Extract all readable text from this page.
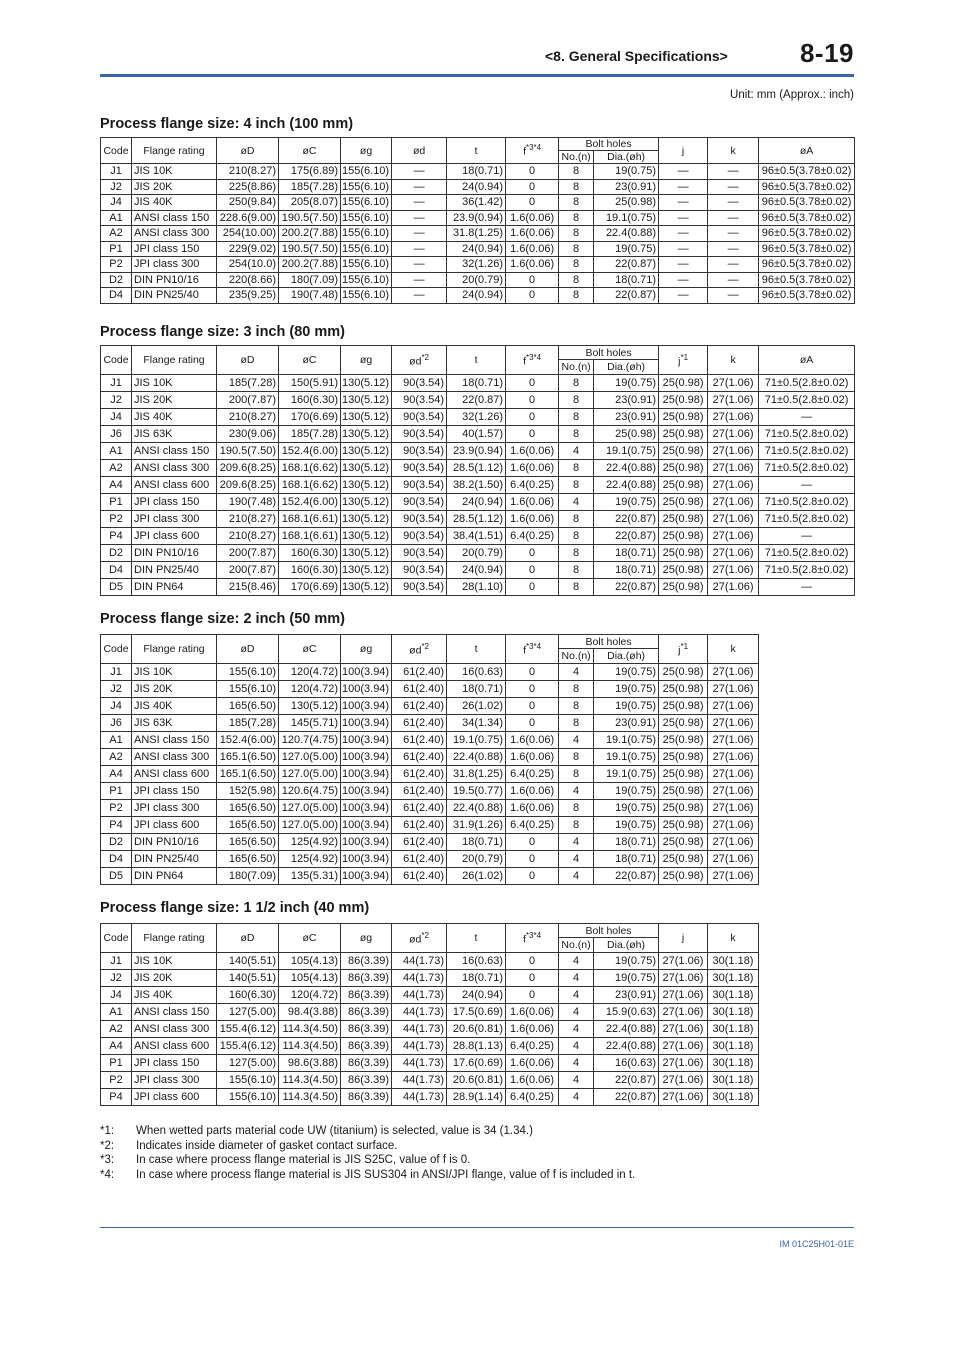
<8. General Specifications>	8-19
Unit: mm (Approx.: inch)
Process flange size: 4 inch (100 mm)
Code	Flange rating	øD	øC	øg	ød	t	$f^{*3*4}$	Bolt holes		j	k	øA
								No.(n)	Dia.(øh)			
J1	JIS 10K	210(8.27)	175(6.89)	155(6.10)	—	18(0.71)	0	8	19(0.75)	—	—	96±0.5(3.78±0.02)
J2	JIS 20K	225(8.86)	185(7.28)	155(6.10)	—	24(0.94)	0	8	23(0.91)	—	—	96±0.5(3.78±0.02)
J4	JIS 40K	250(9.84)	205(8.07)	155(6.10)	—	36(1.42)	0	8	25(0.98)	—	—	96±0.5(3.78±0.02)
A1	ANSI class 150	228.6(9.00)	190.5(7.50)	155(6.10)	—	23.9(0.94)	1.6(0.06)	8	19.1(0.75)	—	—	96±0.5(3.78±0.02)
A2	ANSI class 300	254(10.00)	200.2(7.88)	155(6.10)	—	31.8(1.25)	1.6(0.06)	8	22.4(0.88)	—	—	96±0.5(3.78±0.02)
P1	JPI class 150	229(9.02)	190.5(7.50)	155(6.10)	—	24(0.94)	1.6(0.06)	8	19(0.75)	—	—	96±0.5(3.78±0.02)
P2	JPI class 300	254(10.0)	200.2(7.88)	155(6.10)	—	32(1.26)	1.6(0.06)	8	22(0.87)	—	—	96±0.5(3.78±0.02)
D2	DIN PN10/16	220(8.66)	180(7.09)	155(6.10)	—	20(0.79)	0	8	18(0.71)	—	—	96±0.5(3.78±0.02)
D4	DIN PN25/40	235(9.25)	190(7.48)	155(6.10)	—	24(0.94)	0	8	22(0.87)	—	—	96±0.5(3.78±0.02)
Process flange size: 3 inch (80 mm)
Code	Flange rating	øD	øC	øg	$ød^{*2}$	t	$f^{*3*4}$	Bolt holes		$j^{*1}$	k	øA
								No.(n)	Dia.(øh)			
J1	JIS 10K	185(7.28)	150(5.91)	130(5.12)	90(3.54)	18(0.71)	0	8	19(0.75)	25(0.98)	27(1.06)	71±0.5(2.8±0.02)
J2	JIS 20K	200(7.87)	160(6.30)	130(5.12)	90(3.54)	22(0.87)	0	8	23(0.91)	25(0.98)	27(1.06)	71±0.5(2.8±0.02)
J4	JIS 40K	210(8.27)	170(6.69)	130(5.12)	90(3.54)	32(1.26)	0	8	23(0.91)	25(0.98)	27(1.06)	—
J6	JIS 63K	230(9.06)	185(7.28)	130(5.12)	90(3.54)	40(1.57)	0	8	25(0.98)	25(0.98)	27(1.06)	71±0.5(2.8±0.02)
A1	ANSI class 150	190.5(7.50)	152.4(6.00)	130(5.12)	90(3.54)	23.9(0.94)	1.6(0.06)	4	19.1(0.75)	25(0.98)	27(1.06)	71±0.5(2.8±0.02)
A2	ANSI class 300	209.6(8.25)	168.1(6.62)	130(5.12)	90(3.54)	28.5(1.12)	1.6(0.06)	8	22.4(0.88)	25(0.98)	27(1.06)	71±0.5(2.8±0.02)
A4	ANSI class 600	209.6(8.25)	168.1(6.62)	130(5.12)	90(3.54)	38.2(1.50)	6.4(0.25)	8	22.4(0.88)	25(0.98)	27(1.06)	—
P1	JPI class 150	190(7.48)	152.4(6.00)	130(5.12)	90(3.54)	24(0.94)	1.6(0.06)	4	19(0.75)	25(0.98)	27(1.06)	71±0.5(2.8±0.02)
P2	JPI class 300	210(8.27)	168.1(6.61)	130(5.12)	90(3.54)	28.5(1.12)	1.6(0.06)	8	22(0.87)	25(0.98)	27(1.06)	71±0.5(2.8±0.02)
P4	JPI class 600	210(8.27)	168.1(6.61)	130(5.12)	90(3.54)	38.4(1.51)	6.4(0.25)	8	22(0.87)	25(0.98)	27(1.06)	—
D2	DIN PN10/16	200(7.87)	160(6.30)	130(5.12)	90(3.54)	20(0.79)	0	8	18(0.71)	25(0.98)	27(1.06)	71±0.5(2.8±0.02)
D4	DIN PN25/40	200(7.87)	160(6.30)	130(5.12)	90(3.54)	24(0.94)	0	8	18(0.71)	25(0.98)	27(1.06)	71±0.5(2.8±0.02)
D5	DIN PN64	215(8.46)	170(6.69)	130(5.12)	90(3.54)	28(1.10)	0	8	22(0.87)	25(0.98)	27(1.06)	—
Process flange size: 2 inch (50 mm)
Code	Flange rating	øD	øC	øg	$ød^{*2}$	t	$f^{*3*4}$	Bolt holes		$j^{*1}$	k
								No.(n)	Dia.(øh)		
J1	JIS 10K	155(6.10)	120(4.72)	100(3.94)	61(2.40)	16(0.63)	0	4	19(0.75)	25(0.98)	27(1.06)
J2	JIS 20K	155(6.10)	120(4.72)	100(3.94)	61(2.40)	18(0.71)	0	8	19(0.75)	25(0.98)	27(1.06)
J4	JIS 40K	165(6.50)	130(5.12)	100(3.94)	61(2.40)	26(1.02)	0	8	19(0.75)	25(0.98)	27(1.06)
J6	JIS 63K	185(7.28)	145(5.71)	100(3.94)	61(2.40)	34(1.34)	0	8	23(0.91)	25(0.98)	27(1.06)
A1	ANSI class 150	152.4(6.00)	120.7(4.75)	100(3.94)	61(2.40)	19.1(0.75)	1.6(0.06)	4	19.1(0.75)	25(0.98)	27(1.06)
A2	ANSI class 300	165.1(6.50)	127.0(5.00)	100(3.94)	61(2.40)	22.4(0.88)	1.6(0.06)	8	19.1(0.75)	25(0.98)	27(1.06)
A4	ANSI class 600	165.1(6.50)	127.0(5.00)	100(3.94)	61(2.40)	31.8(1.25)	6.4(0.25)	8	19.1(0.75)	25(0.98)	27(1.06)
P1	JPI class 150	152(5.98)	120.6(4.75)	100(3.94)	61(2.40)	19.5(0.77)	1.6(0.06)	4	19(0.75)	25(0.98)	27(1.06)
P2	JPI class 300	165(6.50)	127.0(5.00)	100(3.94)	61(2.40)	22.4(0.88)	1.6(0.06)	8	19(0.75)	25(0.98)	27(1.06)
P4	JPI class 600	165(6.50)	127.0(5.00)	100(3.94)	61(2.40)	31.9(1.26)	6.4(0.25)	8	19(0.75)	25(0.98)	27(1.06)
D2	DIN PN10/16	165(6.50)	125(4.92)	100(3.94)	61(2.40)	18(0.71)	0	4	18(0.71)	25(0.98)	27(1.06)
D4	DIN PN25/40	165(6.50)	125(4.92)	100(3.94)	61(2.40)	20(0.79)	0	4	18(0.71)	25(0.98)	27(1.06)
D5	DIN PN64	180(7.09)	135(5.31)	100(3.94)	61(2.40)	26(1.02)	0	4	22(0.87)	25(0.98)	27(1.06)
Process flange size: 1 1/2 inch (40 mm)
Code	Flange rating	øD	øC	øg	$ød^{*2}$	t	$f^{*3*4}$	Bolt holes		j	k
								No.(n)	Dia.(øh)		
J1	JIS 10K	140(5.51)	105(4.13)	86(3.39)	44(1.73)	16(0.63)	0	4	19(0.75)	27(1.06)	30(1.18)
J2	JIS 20K	140(5.51)	105(4.13)	86(3.39)	44(1.73)	18(0.71)	0	4	19(0.75)	27(1.06)	30(1.18)
J4	JIS 40K	160(6.30)	120(4.72)	86(3.39)	44(1.73)	24(0.94)	0	4	23(0.91)	27(1.06)	30(1.18)
A1	ANSI class 150	127(5.00)	98.4(3.88)	86(3.39)	44(1.73)	17.5(0.69)	1.6(0.06)	4	15.9(0.63)	27(1.06)	30(1.18)
A2	ANSI class 300	155.4(6.12)	114.3(4.50)	86(3.39)	44(1.73)	20.6(0.81)	1.6(0.06)	4	22.4(0.88)	27(1.06)	30(1.18)
A4	ANSI class 600	155.4(6.12)	114.3(4.50)	86(3.39)	44(1.73)	28.8(1.13)	6.4(0.25)	4	22.4(0.88)	27(1.06)	30(1.18)
P1	JPI class 150	127(5.00)	98.6(3.88)	86(3.39)	44(1.73)	17.6(0.69)	1.6(0.06)	4	16(0.63)	27(1.06)	30(1.18)
P2	JPI class 300	155(6.10)	114.3(4.50)	86(3.39)	44(1.73)	20.6(0.81)	1.6(0.06)	4	22(0.87)	27(1.06)	30(1.18)
P4	JPI class 600	155(6.10)	114.3(4.50)	86(3.39)	44(1.73)	28.9(1.14)	6.4(0.25)	4	22(0.87)	27(1.06)	30(1.18)
*1:	When wetted parts material code UW (titanium) is selected, value is 34 (1.34.)
*2:	Indicates inside diameter of gasket contact surface.
*3:	In case where process flange material is JIS S25C, value of f is 0.
*4:	In case where process flange material is JIS SUS304 in ANSI/JPI flange, value of f is included in t.
IM 01C25H01-01E
